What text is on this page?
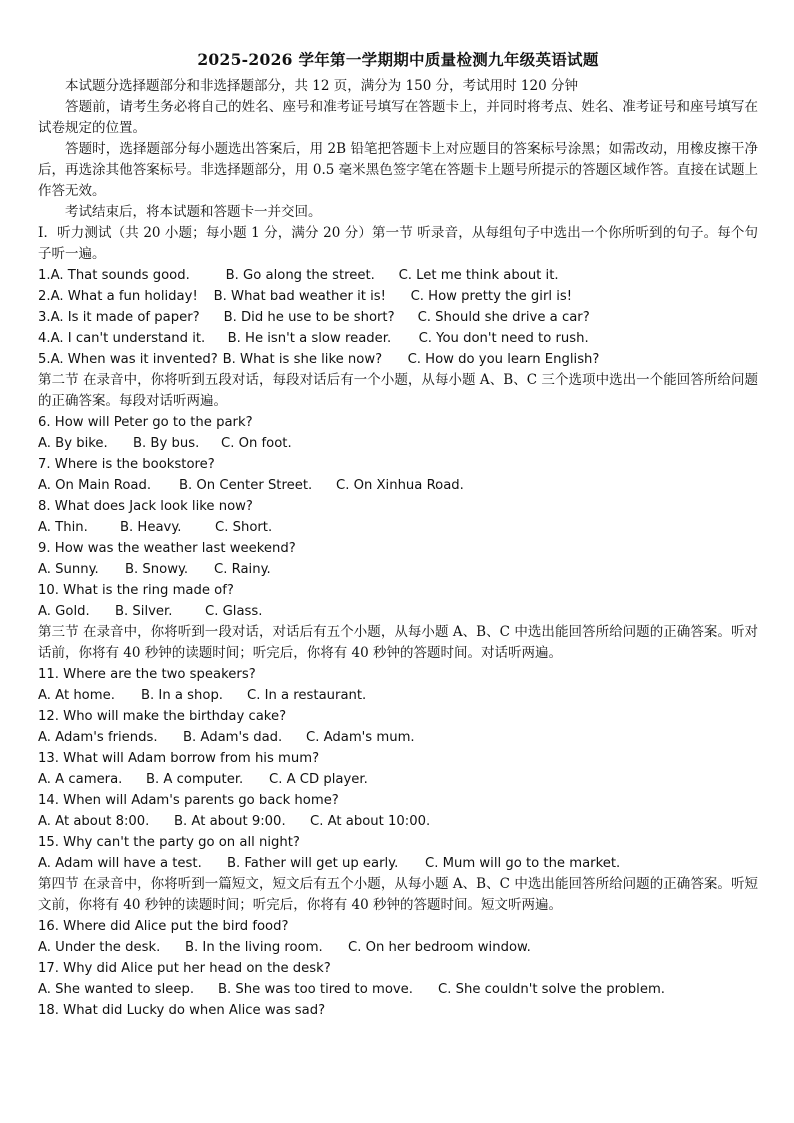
2025-2026 学年第一学期期中质量检测九年级英语试题

本试题分选择题部分和非选择题部分，共 12 页，满分为 150 分，考试用时 120 分钟

答题前，请考生务必将自己的姓名、座号和准考证号填写在答题卡上，并同时将考点、姓名、准考证号和座号填写在试卷规定的位置。

答题时，选择题部分每小题选出答案后，用 2B 铅笔把答题卡上对应题目的答案标号涂黑；如需改动，用橡皮擦干净后，再选涂其他答案标号。非选择题部分，用 0.5 毫米黑色签字笔在答题卡上题号所提示的答题区域作答。直接在试题上作答无效。

考试结束后，将本试题和答题卡一并交回。

Ⅰ．听力测试（共 20 小题；每小题 1 分，满分 20 分）第一节 听录音，从每组句子中选出一个你所听到的句子。每个句子听一遍。

1. A. That sounds good.	B. Go along the street.	C. Let me think about it.
2. A. What a fun holiday!	B. What bad weather it is!	C. How pretty the girl is!
3. A. Is it made of paper?	B. Did he use to be short?	C. Should she drive a car?
4. A. I can't understand it.	B. He isn't a slow reader.	C. You don't need to rush.
5. A. When was it invented? B. What is she like now?	C. How do you learn English?

第二节 在录音中，你将听到五段对话，每段对话后有一个小题，从每小题 A、B、C 三个选项中选出一个能回答所给问题的正确答案。每段对话听两遍。

6. How will Peter go to the park?
A. By bike.	B. By bus.	C. On foot.
7. Where is the bookstore?
A. On Main Road.	B. On Center Street.	C. On Xinhua Road.
8. What does Jack look like now?
A. Thin.	B. Heavy.	C. Short.
9. How was the weather last weekend?
A. Sunny.	B. Snowy.	C. Rainy.
10. What is the ring made of?
A. Gold.	B. Silver.	C. Glass.

第三节 在录音中，你将听到一段对话，对话后有五个小题，从每小题 A、B、C 中选出能回答所给问题的正确答案。听对话前，你将有 40 秒钟的读题时间；听完后，你将有 40 秒钟的答题时间。对话听两遍。

11. Where are the two speakers?
A. At home.	B. In a shop.	C. In a restaurant.
12. Who will make the birthday cake?
A. Adam's friends.	B. Adam's dad.	C. Adam's mum.
13. What will Adam borrow from his mum?
A. A camera.	B. A computer.	C. A CD player.
14. When will Adam's parents go back home?
A. At about 8:00.	B. At about 9:00.	C. At about 10:00.
15. Why can't the party go on all night?
A. Adam will have a test.	B. Father will get up early.	C. Mum will go to the market.

第四节 在录音中，你将听到一篇短文，短文后有五个小题，从每小题 A、B、C 中选出能回答所给问题的正确答案。听短文前，你将有 40 秒钟的读题时间；听完后，你将有 40 秒钟的答题时间。短文听两遍。

16. Where did Alice put the bird food?
A. Under the desk.	B. In the living room.	C. On her bedroom window.
17. Why did Alice put her head on the desk?
A. She wanted to sleep.	B. She was too tired to move.	C. She couldn't solve the problem.
18. What did Lucky do when Alice was sad?
